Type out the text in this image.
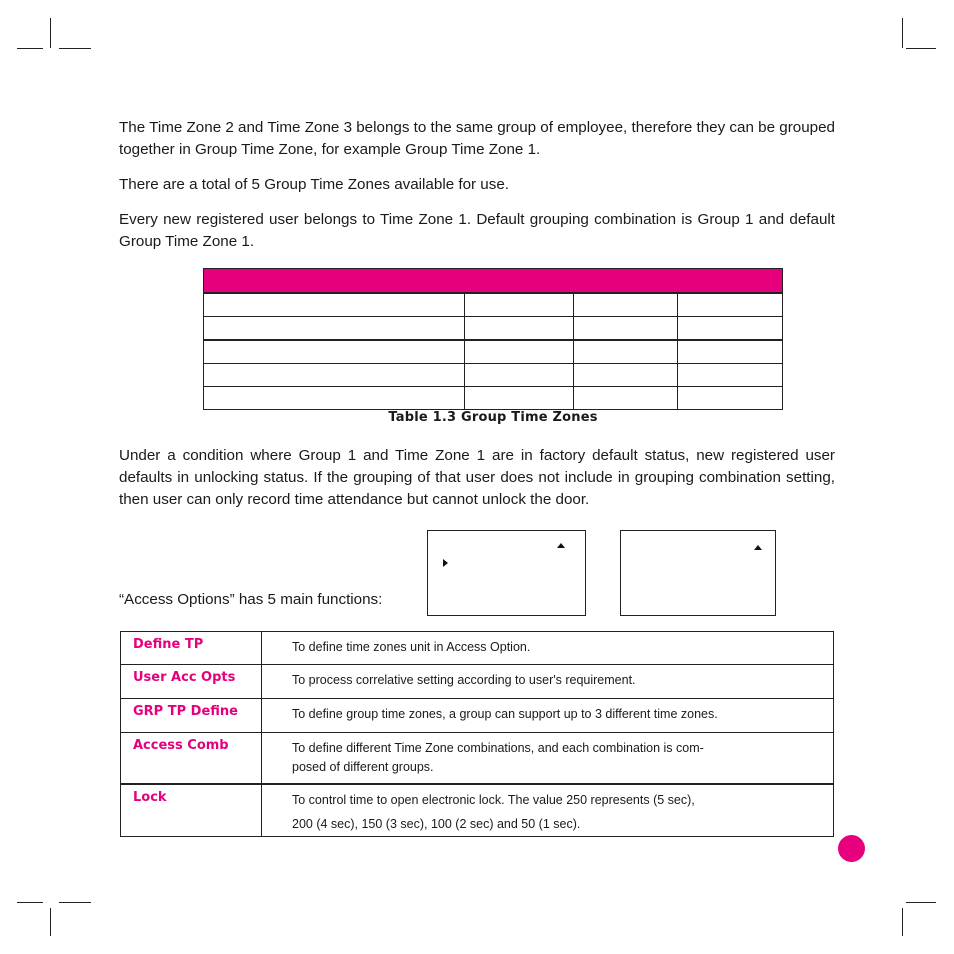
The Time Zone 2 and Time Zone 3 belongs to the same group of employee, therefore they can be grouped together in Group Time Zone, for example Group Time Zone 1.

There are a total of 5 Group Time Zones available for use.

Every new registered user belongs to Time Zone 1. Default grouping combination is Group 1 and default Group Time Zone 1.

Table 1.3 Group Time Zones

Under a condition where Group 1 and Time Zone 1 are in factory default status, new registered user defaults in unlocking status. If the grouping of that user does not include in grouping combination setting, then user can only record time attendance but cannot unlock the door.

“Access Options” has 5 main functions:

Define TP	To define time zones unit in Access Option.
User Acc Opts	To process correlative setting according to user's requirement.
GRP TP Define	To define group time zones, a group can support up to 3 different time zones.
Access Comb	To define different Time Zone combinations, and each combination is com-
posed of different groups.

Lock	To control time to open electronic lock. The value 250 represents (5 sec),
200 (4 sec), 150 (3 sec), 100 (2 sec) and 50 (1 sec).
